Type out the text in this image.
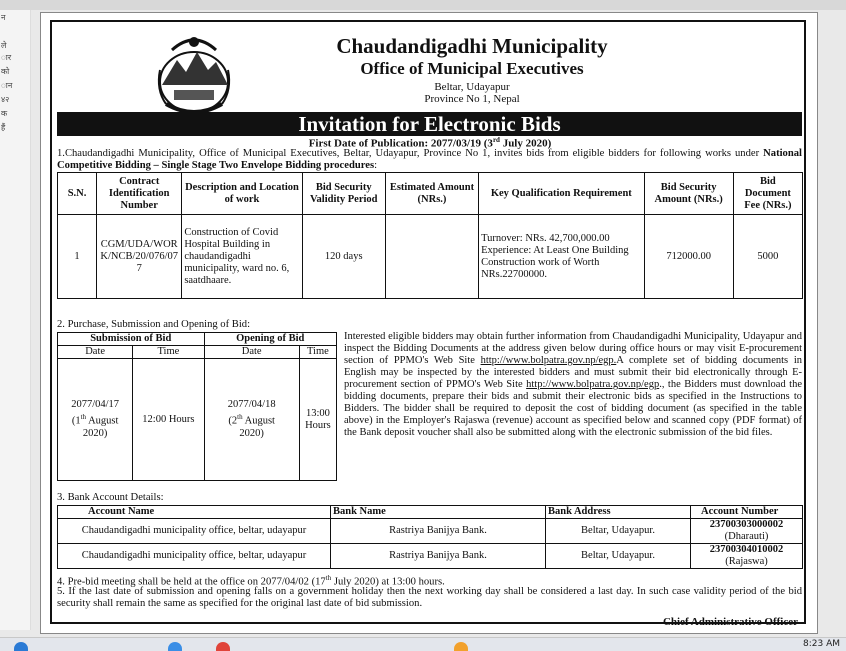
न
ले
ार
को
ान
४२
क
हैं
Chaudandigadhi Municipality
Office of Municipal Executives
Beltar, Udayapur
Province No 1, Nepal
Invitation for Electronic Bids
First Date of Publication: 2077/03/19 (3rd July 2020)
1.Chaudandigadhi Municipality, Office of Municipal Executives, Beltar, Udayapur, Province No 1, invites bids from eligible bidders for following works under National Competitive Bidding – Single Stage Two Envelope Bidding procedures:
S.N.	Contract Identification Number	Description and Location of work	Bid Security Validity Period	Estimated Amount (NRs.)	Key Qualification Requirement	Bid Security Amount (NRs.)	Bid Document Fee (NRs.)
1	CGM/UDA/WORK/NCB/20/076/077	Construction of Covid Hospital Building in chaudandigadhi municipality, ward no. 6, saatdhaare.	120 days		Turnover: NRs. 42,700,000.00 Experience: At Least One Building Construction work of Worth NRs.22700000.	712000.00	5000
2. Purchase, Submission and Opening of Bid:
Submission of Bid		Opening of Bid	
Date	Time	Date	Time
2077/04/17
(1th August
2020)	12:00 Hours	2077/04/18
(2th August
2020)	13:00
Hours
Interested eligible bidders may obtain further information from Chaudandigadhi Municipality, Udayapur and inspect the Bidding Documents at the address given below during office hours or may visit E-procurement section of PPMO's Web Site http://www.bolpatra.gov.np/egp.A complete set of bidding documents in English may be inspected by the interested bidders and must submit their bid electronically through E-procurement section of PPMO's Web Site http://www.bolpatra.gov.np/egp., the Bidders must download the bidding documents, prepare their bids and submit their electronic bids as specified in the Instructions to Bidders. The bidder shall be required to deposit the cost of bidding document (as specified in the table above) in the Employer's Rajaswa (revenue) account as specified below and scanned copy (PDF format) of the Bank deposit voucher shall also be submitted along with the electronic submission of the bid files.
3. Bank Account Details:
Account Name	Bank Name	Bank Address	Account Number
Chaudandigadhi municipality office, beltar, udayapur	Rastriya Banijya Bank.	Beltar, Udayapur.	23700303000002
(Dharauti)
Chaudandigadhi municipality office, beltar, udayapur	Rastriya Banijya Bank.	Beltar, Udayapur.	23700304010002
(Rajaswa)
4. Pre-bid meeting shall be held at the office on 2077/04/02 (17th July 2020) at 13:00 hours.
5. If the last date of submission and opening falls on a government holiday then the next working day shall be considered a last day. In such case validity period of the bid security shall remain the same as specified for the original last date of bid submission.
Chief Administrative Officer
8:23 AM
